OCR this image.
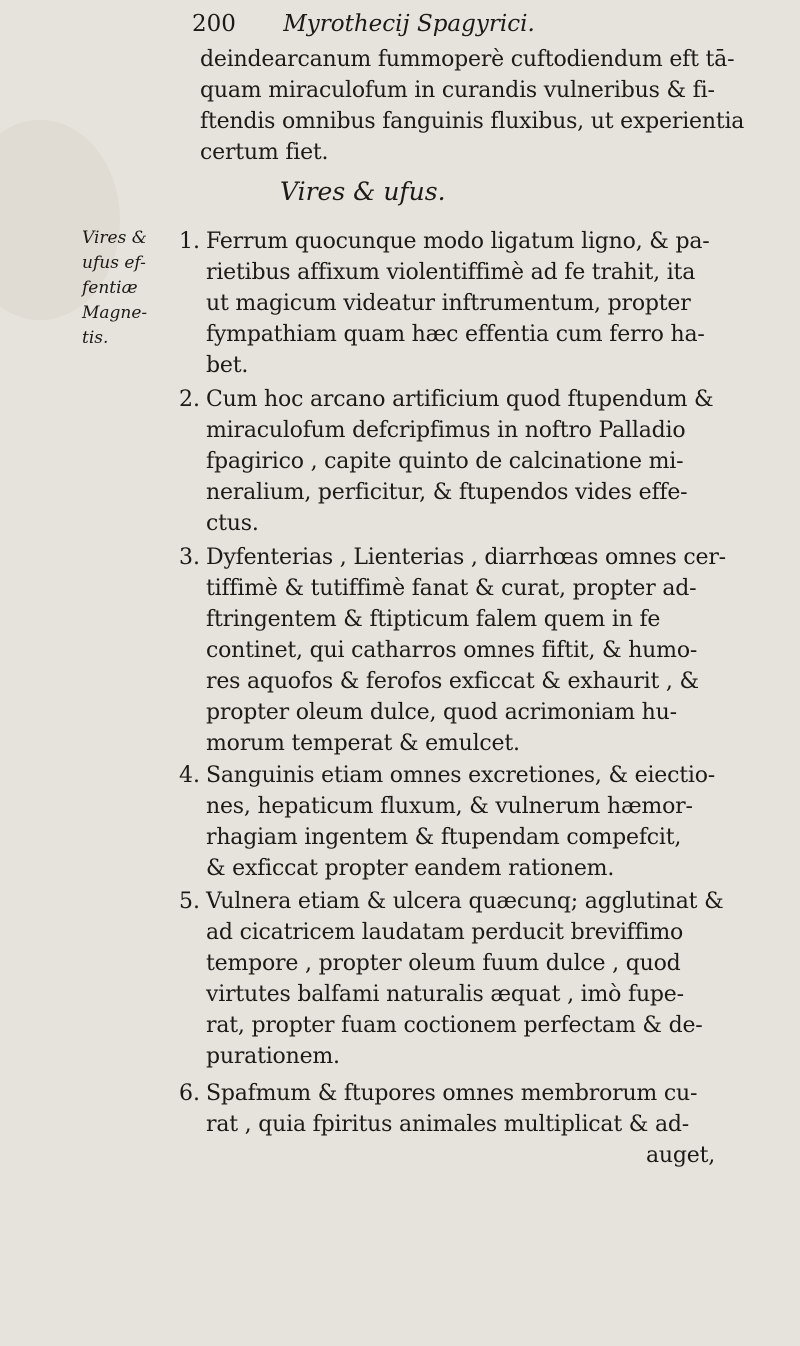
200 Myrothecij Spagyrici.
deindearcanum fummoperè cuftodiendum eft tā-
quam miraculofum in curandis vulneribus & fi-
ftendis omnibus fanguinis fluxibus, ut experientia
certum fiet.
Vires & ufus.
Vires &
ufus ef-
fentiæ
Magne-
tis.
1. Ferrum quocunque modo ligatum ligno, & pa-
rietibus affixum violentiffimè ad fe trahit, ita
ut magicum videatur inftrumentum, propter
fympathiam quam hæc effentia cum ferro ha-
bet.
2. Cum hoc arcano artificium quod ftupendum &
miraculofum defcripfimus in noftro Palladio
fpagirico , capite quinto de calcinatione mi-
neralium, perficitur, & ftupendos vides effe-
ctus.
3. Dyfenterias , Lienterias , diarrhœas omnes cer-
tiffimè & tutiffimè fanat & curat, propter ad-
ftringentem & ftipticum falem quem in fe
continet, qui catharros omnes fiftit, & humo-
res aquofos & ferofos exficcat & exhaurit , &
propter oleum dulce, quod acrimoniam hu-
morum temperat & emulcet.
4. Sanguinis etiam omnes excretiones, & eiectio-
nes, hepaticum fluxum, & vulnerum hæmor-
rhagiam ingentem & ftupendam compefcit,
& exficcat propter eandem rationem.
5. Vulnera etiam & ulcera quæcunq; agglutinat &
ad cicatricem laudatam perducit breviffimo
tempore , propter oleum fuum dulce , quod
virtutes balfami naturalis æquat , imò fupe-
rat, propter fuam coctionem perfectam & de-
purationem.
6. Spafmum & ftupores omnes membrorum cu-
rat , quia fpiritus animales multiplicat & ad-
auget,
